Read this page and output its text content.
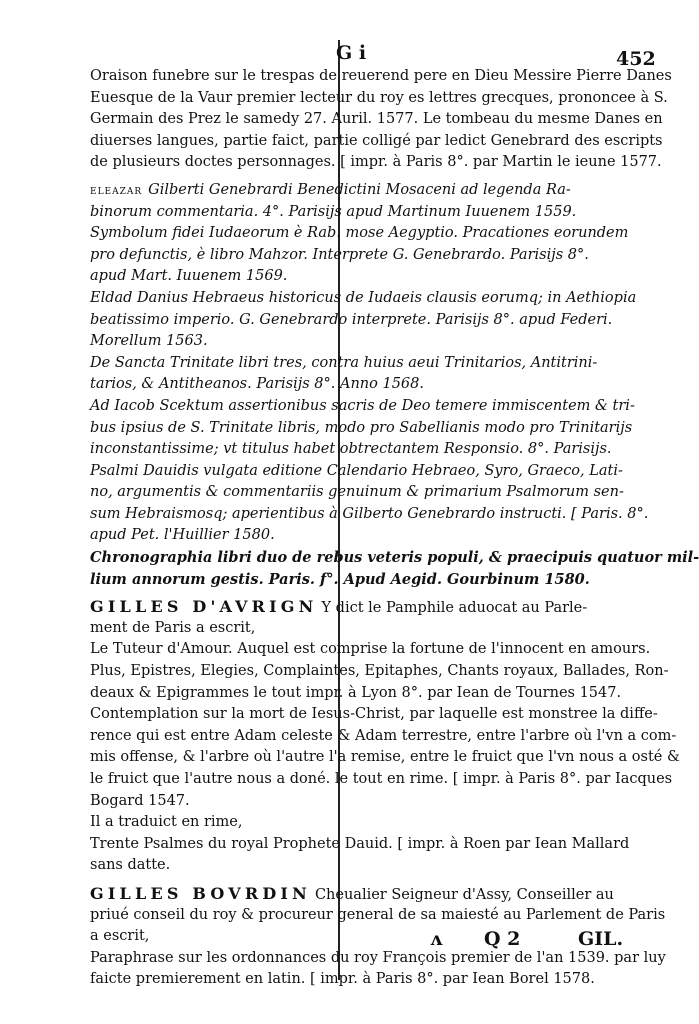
G i	452
Oraison funebre sur le trespas de reuerend pere en Dieu Messire Pierre Danes
Euesque de la Vaur premier lecteur du roy es lettres grecques, prononcee à S.
Germain des Prez le samedy 27. Auril. 1577. Le tombeau du mesme Danes en
diuerses langues, partie faict, partie colligé par ledict Genebrard des escripts
de plusieurs doctes personnages. [ impr. à Paris 8°. par Martin le ieune 1577.
ELEAZAR Gilberti Genebrardi Benedictini Mosaceni ad legenda Ra-
binorum commentaria. 4°. Parisijs apud Martinum Iuuenem 1559.
Symbolum fidei Iudaeorum è Rab. mose Aegyptio. Pracationes eorundem
pro defunctis, è libro Mahzor. Interprete G. Genebrardo. Parisijs 8°.
apud Mart. Iuuenem 1569.
Eldad Danius Hebraeus historicus de Iudaeis clausis eorumq; in Aethiopia
beatissimo imperio. G. Genebrardo interprete. Parisijs 8°. apud Federi.
Morellum 1563.
De Sancta Trinitate libri tres, contra huius aeui Trinitarios, Antitrini-
tarios, & Antitheanos. Parisijs 8°. Anno 1568.
Ad Iacob Scektum assertionibus sacris de Deo temere immiscentem & tri-
bus ipsius de S. Trinitate libris, modo pro Sabellianis modo pro Trinitarijs
inconstantissime; vt titulus habet obtrectantem Responsio. 8°. Parisijs.
Psalmi Dauidis vulgata editione Calendario Hebraeo, Syro, Graeco, Lati-
no, argumentis & commentariis genuinum & primarium Psalmorum sen-
sum Hebraismosq; aperientibus à Gilberto Genebrardo instructi. [ Paris. 8°.
apud Pet. l'Huillier 1580.
Chronographia libri duo de rebus veteris populi, & praecipuis quatuor mil-
lium annorum gestis. Paris. f°. Apud Aegid. Gourbinum 1580.
GILLES D'AVRIGN Y dict le Pamphile aduocat au Parle-
ment de Paris a escrit,
Le Tuteur d'Amour. Auquel est comprise la fortune de l'innocent en amours.
Plus, Epistres, Elegies, Complaintes, Epitaphes, Chants royaux, Ballades, Ron-
deaux & Epigrammes le tout impr. à Lyon 8°. par Iean de Tournes 1547.
Contemplation sur la mort de Iesus-Christ, par laquelle est monstree la diffe-
rence qui est entre Adam celeste & Adam terrestre, entre l'arbre où l'vn a com-
mis offense, & l'arbre où l'autre l'a remise, entre le fruict que l'vn nous a osté &
le fruict que l'autre nous a doné. le tout en rime. [ impr. à Paris 8°. par Iacques
Bogard 1547.
Il a traduict en rime,
Trente Psalmes du royal Prophete Dauid. [ impr. à Roen par Iean Mallard
sans datte.
GILLES BOVRDIN Cheualier Seigneur d'Assy, Conseiller au
priué conseil du roy & procureur general de sa maiesté au Parlement de Paris
a escrit,
Paraphrase sur les ordonnances du roy François premier de l'an 1539. par luy
faicte premierement en latin. [ impr. à Paris 8°. par Iean Borel 1578.
ʌ Q 2	GIL.
